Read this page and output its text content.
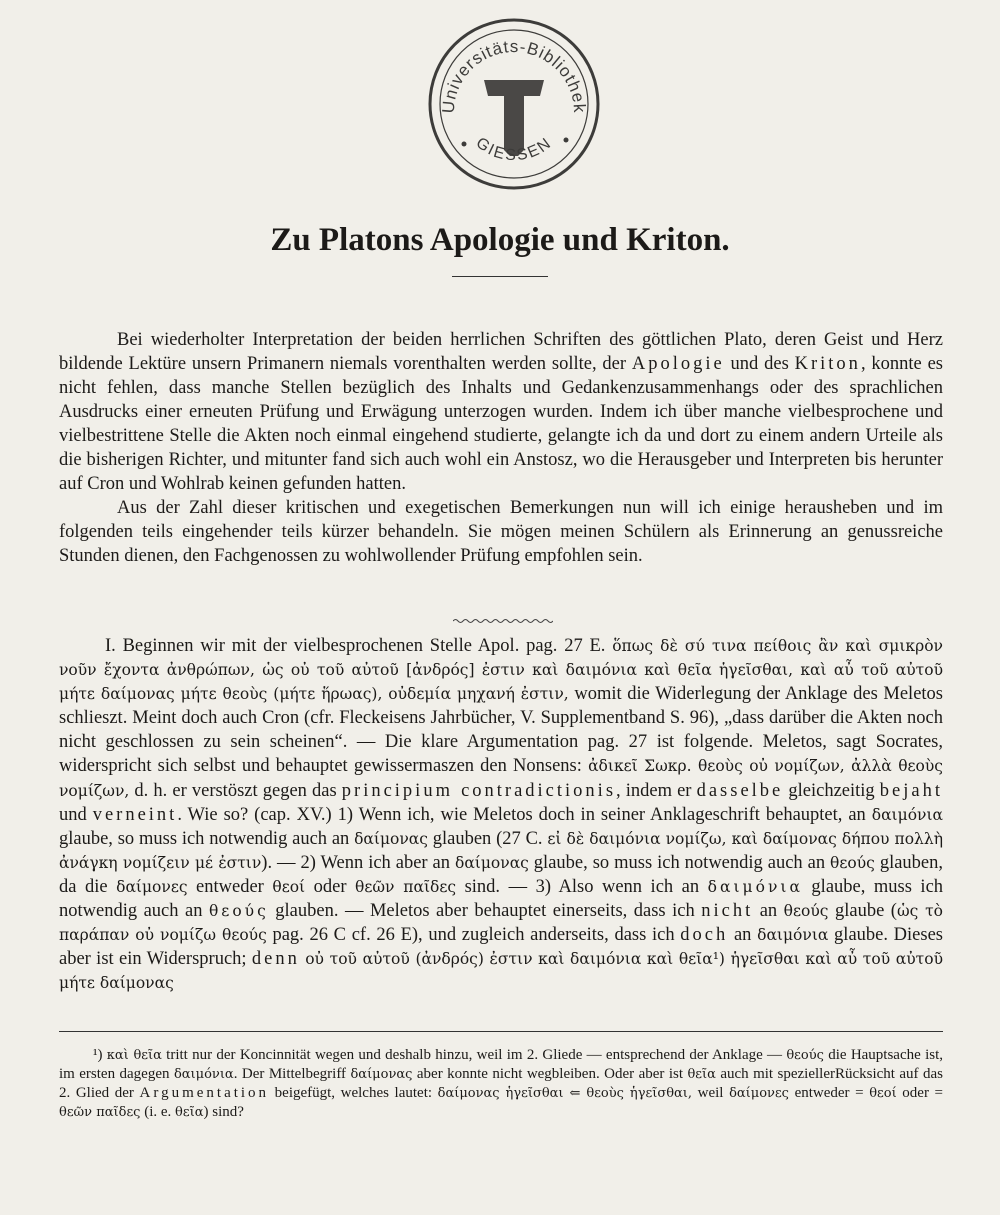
Universitäts-Bibliothek
GIESSEN
Zu Platons Apologie und Kriton.

Bei wiederholter Interpretation der beiden herrlichen Schriften des göttlichen Plato, deren Geist und Herz bildende Lektüre unsern Primanern niemals vorenthalten werden sollte, der Apologie und des Kriton, konnte es nicht fehlen, dass manche Stellen bezüglich des Inhalts und Gedankenzusammenhangs oder des sprachlichen Ausdrucks einer erneuten Prüfung und Erwägung unterzogen wurden. Indem ich über manche vielbesprochene und vielbestrittene Stelle die Akten noch einmal eingehend studierte, gelangte ich da und dort zu einem andern Urteile als die bisherigen Richter, und mitunter fand sich auch wohl ein Anstosz, wo die Herausgeber und Interpreten bis herunter auf Cron und Wohlrab keinen gefunden hatten.

Aus der Zahl dieser kritischen und exegetischen Bemerkungen nun will ich einige herausheben und im folgenden teils eingehender teils kürzer behandeln. Sie mögen meinen Schülern als Erinnerung an genussreiche Stunden dienen, den Fachgenossen zu wohlwollender Prüfung empfohlen sein.

I. Beginnen wir mit der vielbesprochenen Stelle Apol. pag. 27 E. ὅπως δὲ σύ τινα πείθοις ἂν καὶ σμικρὸν νοῦν ἔχοντα ἀνθρώπων, ὡς οὐ τοῦ αὐτοῦ [ἀνδρός] ἐστιν καὶ δαιμόνια καὶ θεῖα ἡγεῖσθαι, καὶ αὖ τοῦ αὐτοῦ μήτε δαίμονας μήτε θεοὺς (μήτε ἥρωας), οὐδεμία μηχανή ἐστιν, womit die Widerlegung der Anklage des Meletos schlieszt. Meint doch auch Cron (cfr. Fleckeisens Jahrbücher, V. Supplementband S. 96), „dass darüber die Akten noch nicht geschlossen zu sein scheinen“. — Die klare Argumentation pag. 27 ist folgende. Meletos, sagt Socrates, widerspricht sich selbst und behauptet gewissermaszen den Nonsens: ἀδικεῖ Σωκρ. θεοὺς οὐ νομίζων, ἀλλὰ θεοὺς νομίζων, d. h. er verstöszt gegen das principium contradictionis, indem er dasselbe gleichzeitig bejaht und verneint. Wie so? (cap. XV.) 1) Wenn ich, wie Meletos doch in seiner Anklageschrift behauptet, an δαιμόνια glaube, so muss ich notwendig auch an δαίμονας glauben (27 C. εἰ δὲ δαιμόνια νομίζω, καὶ δαίμονας δήπου πολλὴ ἀνάγκη νομίζειν μέ ἐστιν). — 2) Wenn ich aber an δαίμονας glaube, so muss ich notwendig auch an θεούς glauben, da die δαίμονες entweder θεοί oder θεῶν παῖδες sind. — 3) Also wenn ich an δαιμόνια glaube, muss ich notwendig auch an θεούς glauben. — Meletos aber behauptet einerseits, dass ich nicht an θεούς glaube (ὡς τὸ παράπαν οὐ νομίζω θεούς pag. 26 C cf. 26 E), und zugleich anderseits, dass ich doch an δαιμόνια glaube. Dieses aber ist ein Widerspruch; denn οὐ τοῦ αὐτοῦ (ἀνδρός) ἐστιν καὶ δαιμόνια καὶ θεῖα¹) ἡγεῖσθαι καὶ αὖ τοῦ αὐτοῦ μήτε δαίμονας

¹) καὶ θεῖα tritt nur der Koncinnität wegen und deshalb hinzu, weil im 2. Gliede — entsprechend der Anklage — θεούς die Hauptsache ist, im ersten dagegen δαιμόνια. Der Mittelbegriff δαίμονας aber konnte nicht wegbleiben. Oder aber ist θεῖα auch mit speziellerRücksicht auf das 2. Glied der Argumentation beigefügt, welches lautet: δαίμονας ἡγεῖσθαι ⇐ θεοὺς ἡγεῖσθαι, weil δαίμονες entweder = θεοί oder = θεῶν παῖδες (i. e. θεῖα) sind?
